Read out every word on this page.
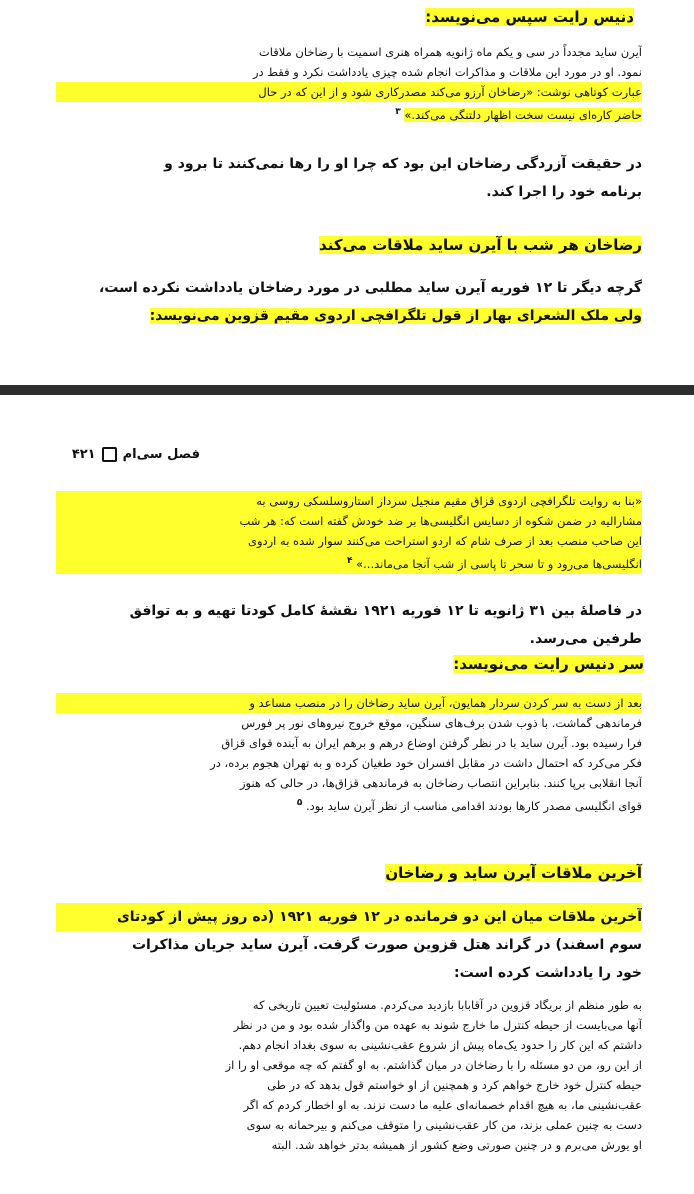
دنیس رایت سپس می‌نویسد:
آیرن ساید مجدداً در سی و یکم ماه ژانویه همراه هنری اسمیت با رضاخان ملاقات
نمود. او در مورد این ملاقات و مذاکرات انجام شده چیزی یادداشت نکرد و فقط در
عبارت کوتاهی نوشت: «رضاخان آرزو می‌کند مصدرکاری شود و از این که در حال
حاضر کاره‌ای نیست سخت اظهار دلتنگی می‌کند.» $^۳$
در حقیقت آزردگی رضاخان این بود که چرا او را رها نمی‌کنند تا برود و
برنامه خود را اجرا کند.
رضاخان هر شب با آیرن ساید ملاقات می‌کند
گرچه دیگر تا ۱۲ فوریه آیرن ساید مطلبی در مورد رضاخان یادداشت نکرده است،
ولی ملک الشعرای بهار از قول تلگرافچی اردوی مقیم قزوین می‌نویسد:
فصل سی‌ام۴۲۱
«بنا به روایت تلگرافچی اردوی قزاق مقیم منجیل سردار استاروسلسکی روسی به
مشارالیه در ضمن شکوه از دسایس انگلیسی‌ها بر ضد خودش گفته است که: هر شب
این صاحب منصب بعد از صرف شام که اردو استراحت می‌کنند سوار شده به اردوی
انگلیسی‌ها می‌رود و تا سحر تا پاسی از شب آنجا می‌ماند...» $^۴$
در فاصلهٔ بین ۳۱ ژانویه تا ۱۲ فوریه ۱۹۲۱ نقشهٔ کامل کودتا تهیه و به توافق
طرفین می‌رسد.
سر دنیس رایت می‌نویسد:
بعد از دست به سر کردن سردار همایون، آیرن ساید رضاخان را در منصب مساعد و
فرماندهی گماشت. با ذوب شدن برف‌های سنگین، موقع خروج نیروهای نور پر فورس
فرا رسیده بود. آیرن ساید با در نظر گرفتن اوضاع درهم و برهم ایران به آینده قوای قزاق
فکر می‌کرد که احتمال داشت در مقابل افسران خود طغیان کرده و به تهران هجوم برده، در
آنجا انقلابی برپا کنند. بنابراین انتصاب رضاخان به فرماندهی قزاق‌ها، در حالی که هنوز
قوای انگلیسی مصدر کارها بودند اقدامی مناسب از نظر آیرن ساید بود. $^۵$
آخرین ملاقات آیرن ساید و رضاخان
آخرین ملاقات میان این دو فرمانده در ۱۲ فوریه ۱۹۲۱ (ده روز پیش از کودتای
سوم اسفند) در گراند هتل قزوین صورت گرفت. آیرن ساید جریان مذاکرات
خود را یادداشت کرده است:
به طور منظم از بریگاد قزوین در آقابابا بازدید می‌کردم. مسئولیت تعیین تاریخی که
آنها می‌بایست از حیطه کنترل ما خارج شوند به عهده من واگذار شده بود و من در نظر
داشتم که این کار را حدود یک‌ماه پیش از شروع عقب‌نشینی به سوی بغداد انجام دهم.
از این رو، من دو مسئله را با رضاخان در میان گذاشتم. به او گفتم که چه موقعی او را از
حیطه کنترل خود خارج خواهم کرد و همچنین از او خواستم قول بدهد که در طی
عقب‌نشینی ما، به هیچ اقدام خصمانه‌ای علیه ما دست نزند. به او اخطار کردم که اگر
دست به چنین عملی بزند، من کار عقب‌نشینی را متوقف می‌کنم و بیرحمانه به سوی
او یورش می‌برم و در چنین صورتی وضع کشور از همیشه بدتر خواهد شد. البته
